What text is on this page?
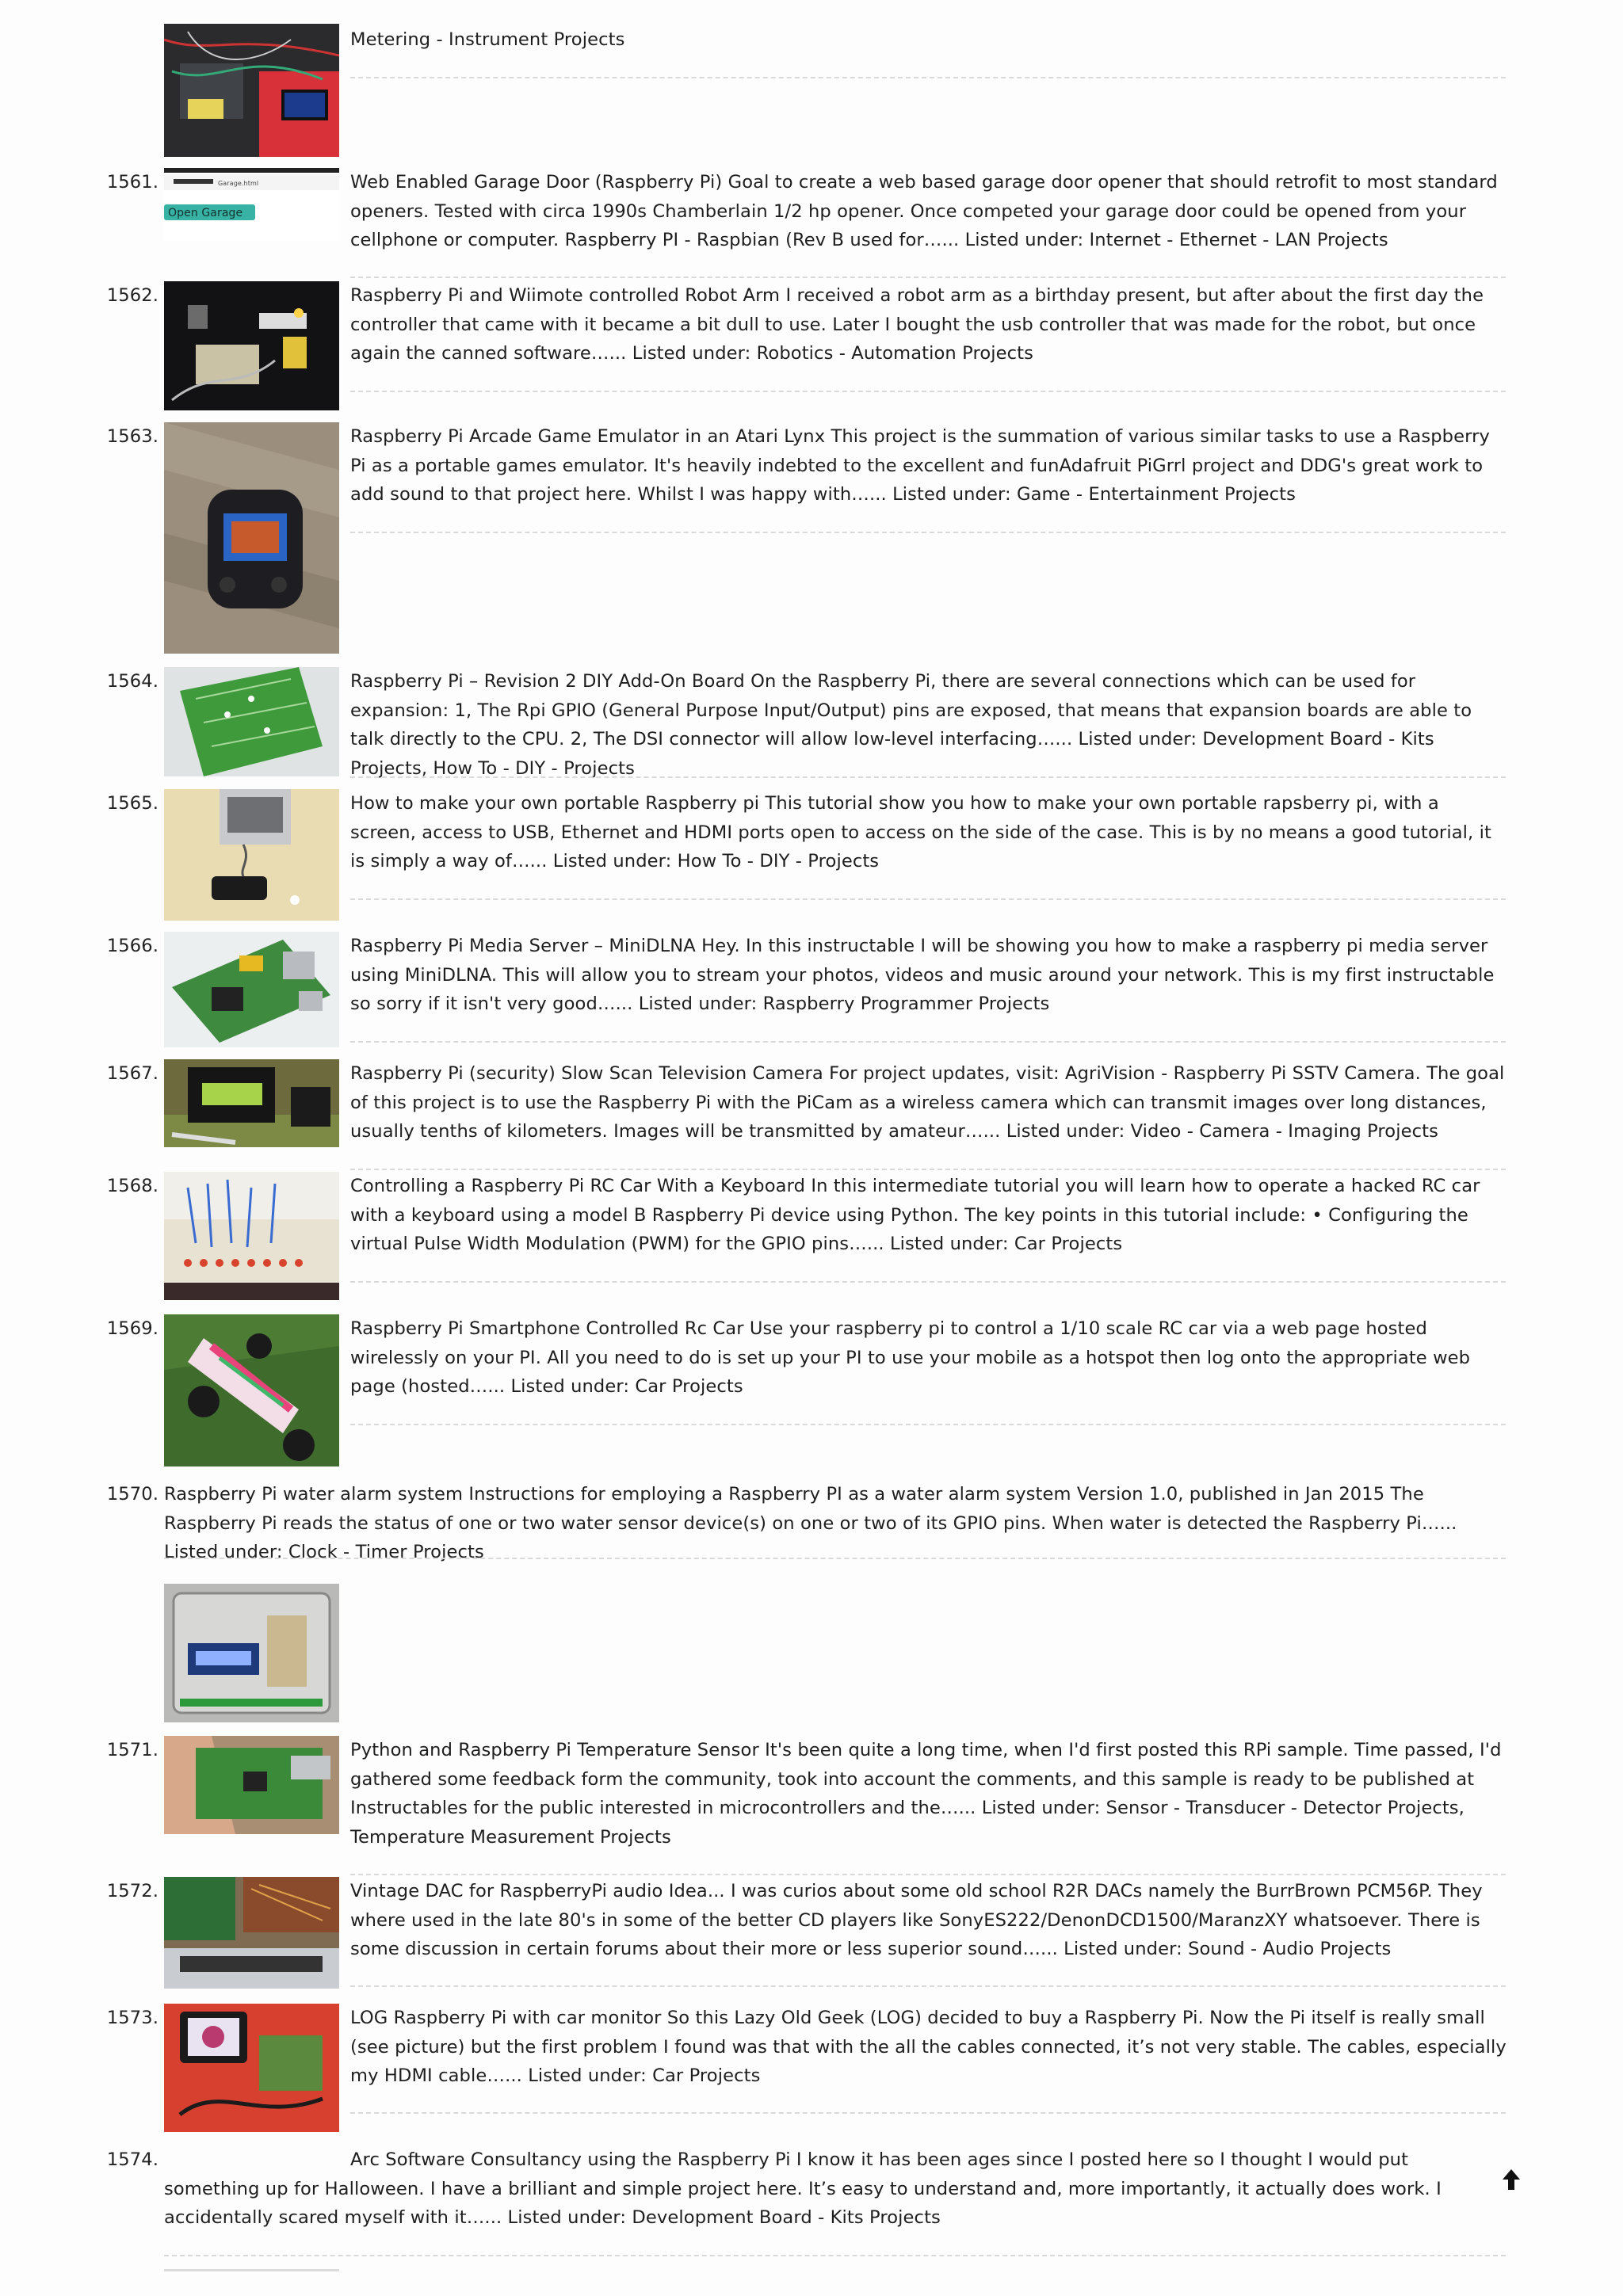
Metering - Instrument Projects

1561.	Garage.html
Open Garage

Web Enabled Garage Door (Raspberry Pi) Goal to create a web based garage door opener that should retrofit to most standard openers. Tested with circa 1990s Chamberlain 1/2 hp opener. Once competed your garage door could be opened from your cellphone or computer. Raspberry PI - Raspbian (Rev B used for…... Listed under: Internet - Ethernet - LAN Projects

1562.	Raspberry Pi and Wiimote controlled Robot Arm I received a robot arm as a birthday present, but after about the first day the controller that came with it became a bit dull to use. Later I bought the usb controller that was made for the robot, but once again the canned software…... Listed under: Robotics - Automation Projects

1563.	Raspberry Pi Arcade Game Emulator in an Atari Lynx This project is the summation of various similar tasks to use a Raspberry Pi as a portable games emulator. It's heavily indebted to the excellent and funAdafruit PiGrrl project and DDG's great work to add sound to that project here. Whilst I was happy with…... Listed under: Game - Entertainment Projects

1564.	Raspberry Pi – Revision 2 DIY Add-On Board On the Raspberry Pi, there are several connections which can be used for expansion: 1, The Rpi GPIO (General Purpose Input/Output) pins are exposed, that means that expansion boards are able to talk directly to the CPU. 2, The DSI connector will allow low-level interfacing…... Listed under: Development Board - Kits Projects, How To - DIY - Projects

1565.	How to make your own portable Raspberry pi This tutorial show you how to make your own portable rapsberry pi, with a screen, access to USB, Ethernet and HDMI ports open to access on the side of the case. This is by no means a good tutorial, it is simply a way of…... Listed under: How To - DIY - Projects

1566.	Raspberry Pi Media Server – MiniDLNA Hey. In this instructable I will be showing you how to make a raspberry pi media server using MiniDLNA. This will allow you to stream your photos, videos and music around your network. This is my first instructable so sorry if it isn't very good…... Listed under: Raspberry Programmer Projects

1567.	Raspberry Pi (security) Slow Scan Television Camera For project updates, visit: AgriVision - Raspberry Pi SSTV Camera. The goal of this project is to use the Raspberry Pi with the PiCam as a wireless camera which can transmit images over long distances, usually tenths of kilometers. Images will be transmitted by amateur…... Listed under: Video - Camera - Imaging Projects

1568.	Controlling a Raspberry Pi RC Car With a Keyboard In this intermediate tutorial you will learn how to operate a hacked RC car with a keyboard using a model B Raspberry Pi device using Python. The key points in this tutorial include: • Configuring the virtual Pulse Width Modulation (PWM) for the GPIO pins…... Listed under: Car Projects

1569.	Raspberry Pi Smartphone Controlled Rc Car Use your raspberry pi to control a 1/10 scale RC car via a web page hosted wirelessly on your PI. All you need to do is set up your PI to use your mobile as a hotspot then log onto the appropriate web page (hosted…... Listed under: Car Projects

1570. Raspberry Pi water alarm system Instructions for employing a Raspberry PI as a water alarm system Version 1.0, published in Jan 2015 The Raspberry Pi reads the status of one or two water sensor device(s) on one or two of its GPIO pins. When water is detected the Raspberry Pi…... Listed under: Clock - Timer Projects

1571.	Python and Raspberry Pi Temperature Sensor It's been quite a long time, when I'd first posted this RPi sample. Time passed, I'd gathered some feedback form the community, took into account the comments, and this sample is ready to be published at Instructables for the public interested in microcontrollers and the…... Listed under: Sensor - Transducer - Detector Projects, Temperature Measurement Projects

1572.	Vintage DAC for RaspberryPi audio Idea... I was curios about some old school R2R DACs namely the BurrBrown PCM56P. They where used in the late 80's in some of the better CD players like SonyES222/DenonDCD1500/MaranzXY whatsoever. There is some discussion in certain forums about their more or less superior sound…... Listed under: Sound - Audio Projects

1573.	LOG Raspberry Pi with car monitor So this Lazy Old Geek (LOG) decided to buy a Raspberry Pi. Now the Pi itself is really small (see picture) but the first problem I found was that with the all the cables connected, it’s not very stable. The cables, especially my HDMI cable…... Listed under: Car Projects

1574.	Arc Software Consultancy using the Raspberry Pi I know it has been ages since I posted here so I thought I would put something up for Halloween. I have a brilliant and simple project here. It’s easy to understand and, more importantly, it actually does work. I accidentally scared myself with it…... Listed under: Development Board - Kits Projects
